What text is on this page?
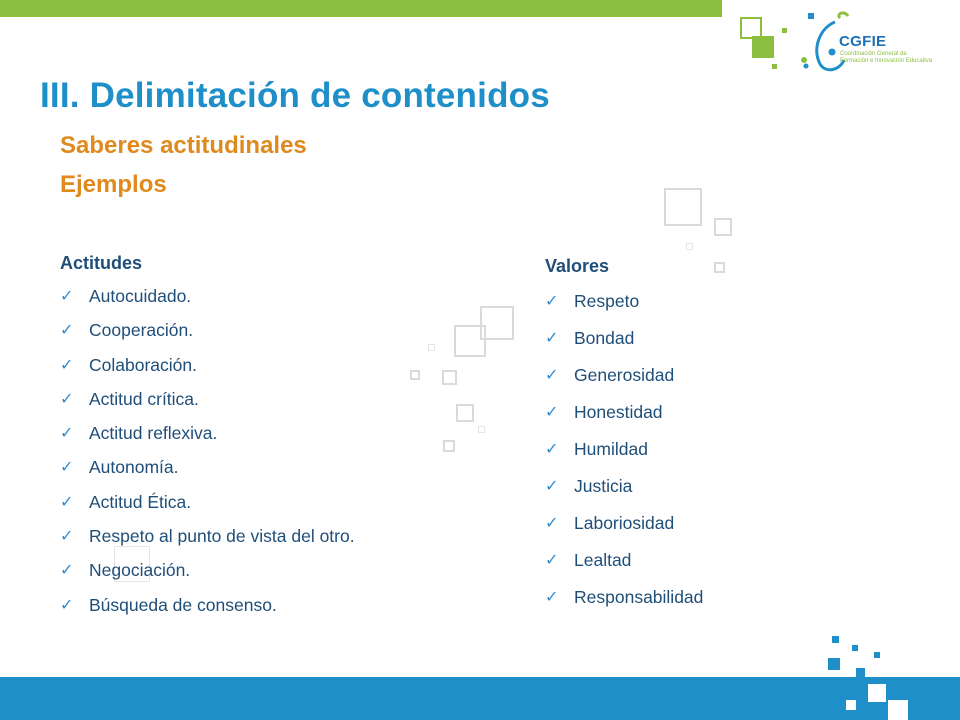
CGFIE
Coordinación General de
Formación e Innovación Educativa
III. Delimitación de contenidos
Saberes actitudinales
Ejemplos
Actitudes
✓ Autocuidado.
✓ Cooperación.
✓ Colaboración.
✓ Actitud crítica.
✓ Actitud reflexiva.
✓ Autonomía.
✓ Actitud Ética.
✓ Respeto al punto de vista del otro.
✓ Negociación.
✓ Búsqueda de consenso.
Valores
✓ Respeto
✓ Bondad
✓ Generosidad
✓ Honestidad
✓ Humildad
✓ Justicia
✓ Laboriosidad
✓ Lealtad
✓ Responsabilidad
